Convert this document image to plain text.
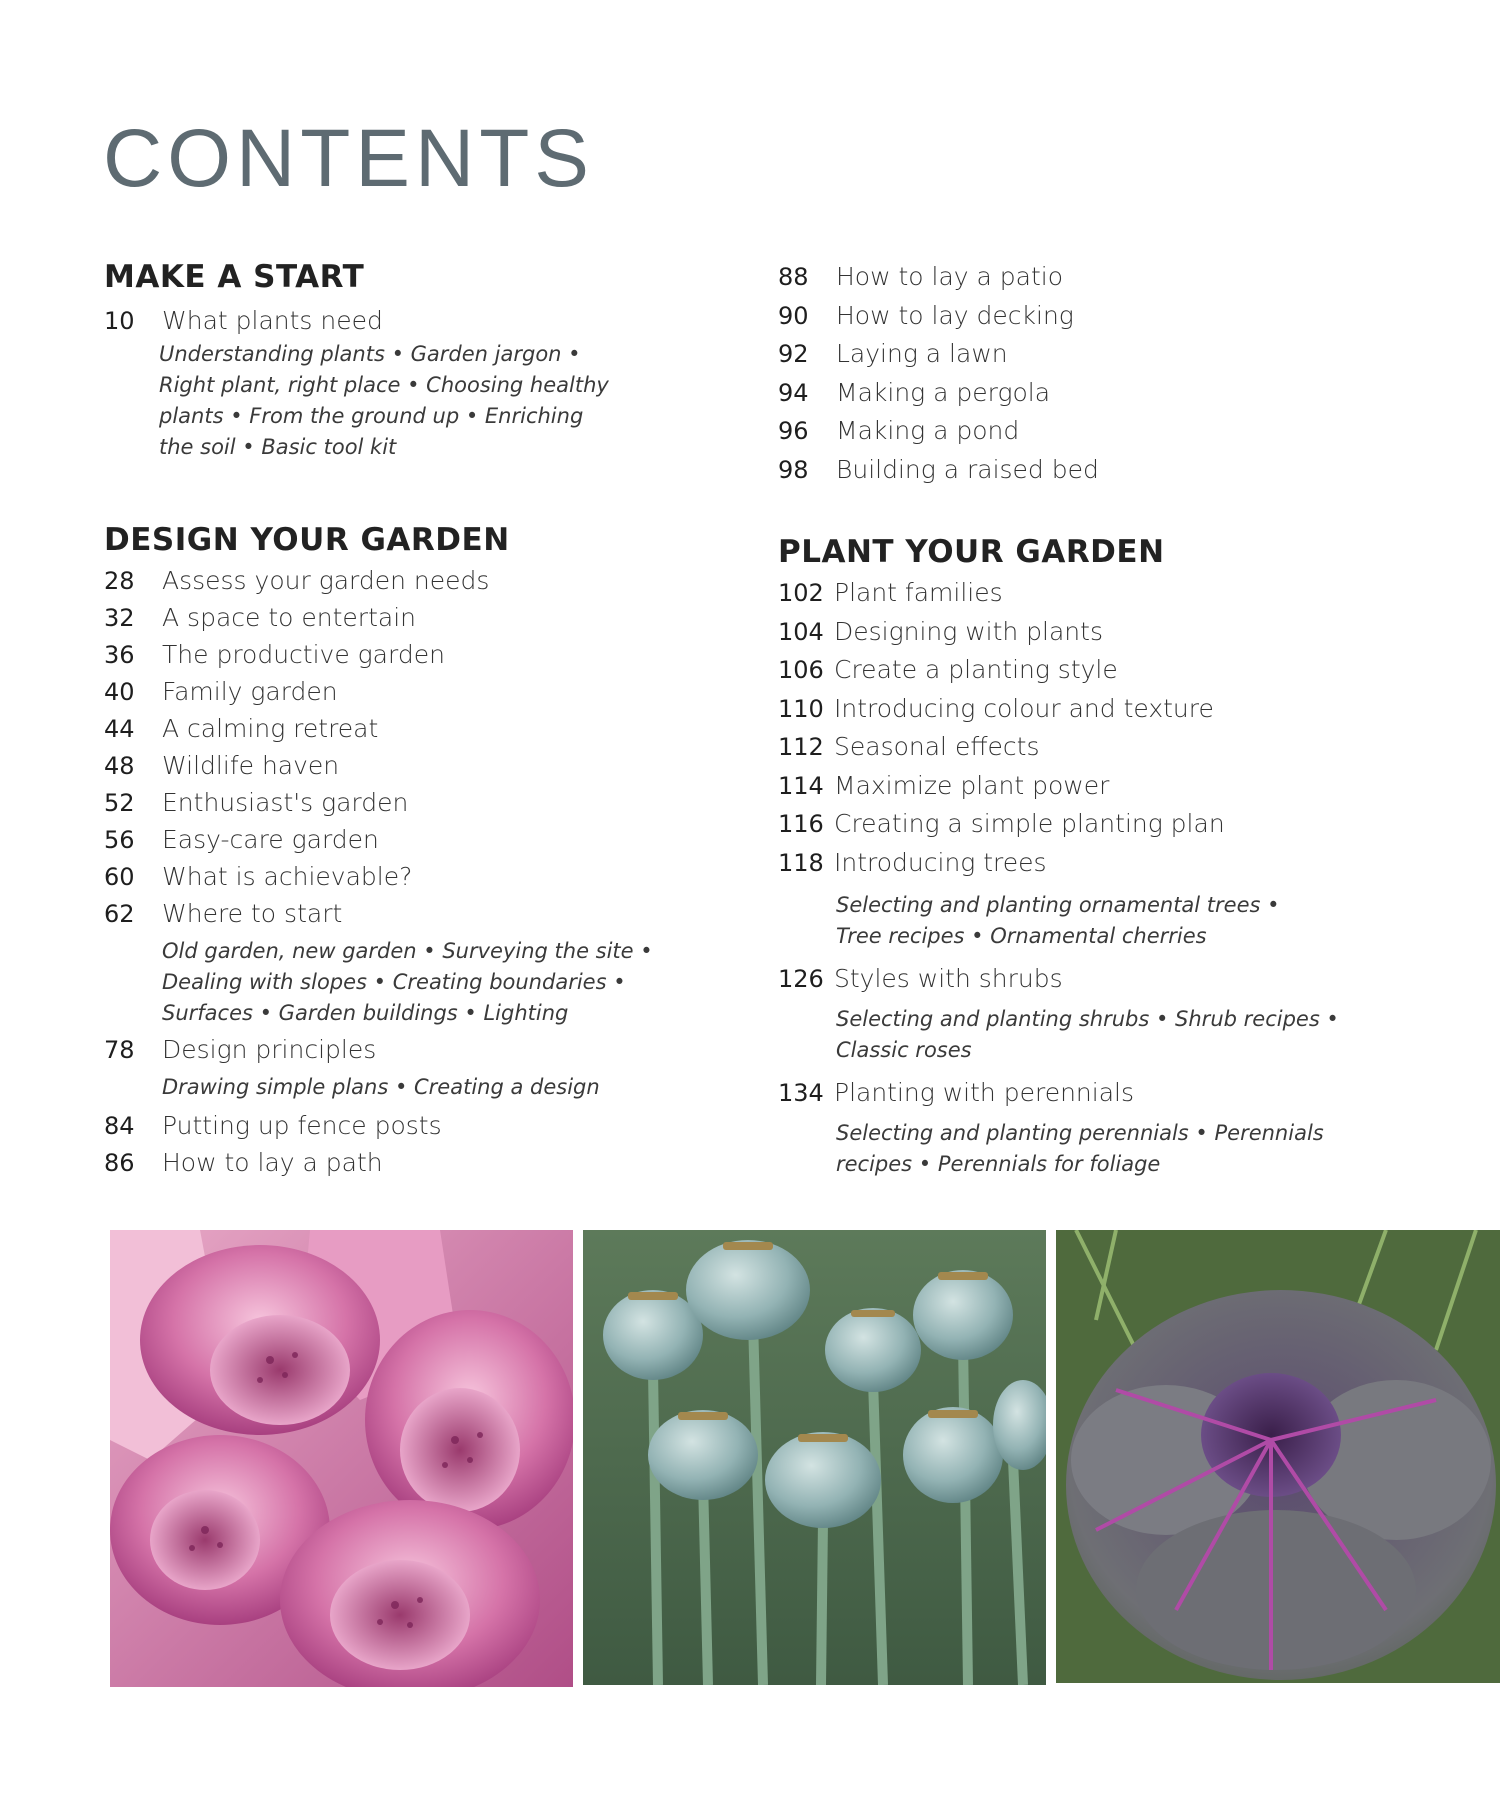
CONTENTS
MAKE A START
10	What plants need
Understanding plants • Garden jargon •
Right plant, right place • Choosing healthy
plants • From the ground up • Enriching
the soil • Basic tool kit
DESIGN YOUR GARDEN
28	Assess your garden needs
32	A space to entertain
36	The productive garden
40	Family garden
44	A calming retreat
48	Wildlife haven
52	Enthusiast's garden
56	Easy-care garden
60	What is achievable?
62	Where to start
Old garden, new garden • Surveying the site •
Dealing with slopes • Creating boundaries •
Surfaces • Garden buildings • Lighting
78	Design principles
Drawing simple plans • Creating a design
84	Putting up fence posts
86	How to lay a path
88	How to lay a patio
90	How to lay decking
92	Laying a lawn
94	Making a pergola
96	Making a pond
98	Building a raised bed
PLANT YOUR GARDEN
102 Plant families
104 Designing with plants
106 Create a planting style
110 Introducing colour and texture
112 Seasonal effects
114 Maximize plant power
116 Creating a simple planting plan
118 Introducing trees
Selecting and planting ornamental trees •
Tree recipes • Ornamental cherries
126 Styles with shrubs
Selecting and planting shrubs • Shrub recipes •
Classic roses
134 Planting with perennials
Selecting and planting perennials • Perennials
recipes • Perennials for foliage
